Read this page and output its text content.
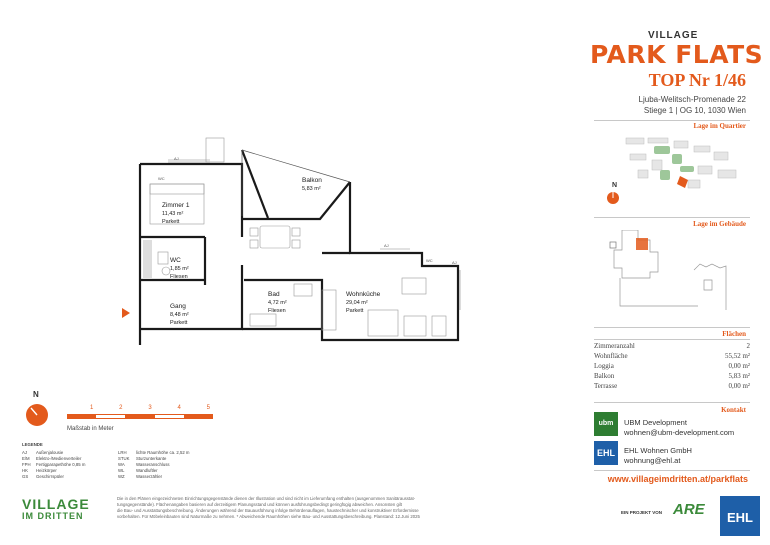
VILLAGE
PARK FLATS
TOP Nr 1/46
Ljuba-Welitsch-Promenade 22
Stiege 1 | OG 10, 1030 Wien
Lage im Quartier
N
Lage im Gebäude
Flächen
Zimmeranzahl	2
Wohnfläche	55,52 m²
Loggia	0,00 m²
Balkon	5,83 m²
Terrasse	0,00 m²
Kontakt
ubm	UBM Development
wohnen@ubm-development.com
EHL	EHL Wohnen GmbH
wohnung@ehl.at
www.villageimdritten.at/parkflats
Zimmer 1
11,43 m²
Parkett
WC
1,85 m²
Fliesen
Gang
8,48 m²
Parkett
Bad
4,72 m²
Fliesen
Wohnküche
29,04 m²
Parkett
Balkon
5,83 m²
AJ
AJ
AJ
WC
WC
N
1	2	3	4	5
Maßstab in Meter
LEGENDE
AJ Außenjalousie
E/M Elektro-/Medienverteiler
FPH Fertigparapethöhe 0,85 m
HK Heizkörper
GS Geschirrspüler
LRH lichte Raumhöhe ca. 2,52 m
STUK Sturzunterkante
WA	Wasseranschluss
WL	Wandluftler
WZ	Wasserzähler
VILLAGE
IM DRITTEN
Die in den Plänen eingezeichneten Einrichtungsgegenstände dienen der Illustration und sind nicht im Lieferumfang enthalten (ausgenommen Sanitärausstat-
tungsgegenstände). Flächenangaben basieren auf derzeitigem Planungsstand und können ausführungsbedingt geringfügig abweichen. Ansonsten gilt
die Bau- und Ausstattungsbeschreibung. Änderungen während der Bauausführung infolge Behördenauflagen, haustechnischer und konstruktiver Erfordernisse
vorbehalten. Für Möbeleinbauten sind Naturmaße zu nehmen. * Abweichende Raumhöhen siehe Bau- und Ausstattungsbeschreibung. Planstand: 12.Juni 2025
EIN PROJEKT VON ARE	EHL
